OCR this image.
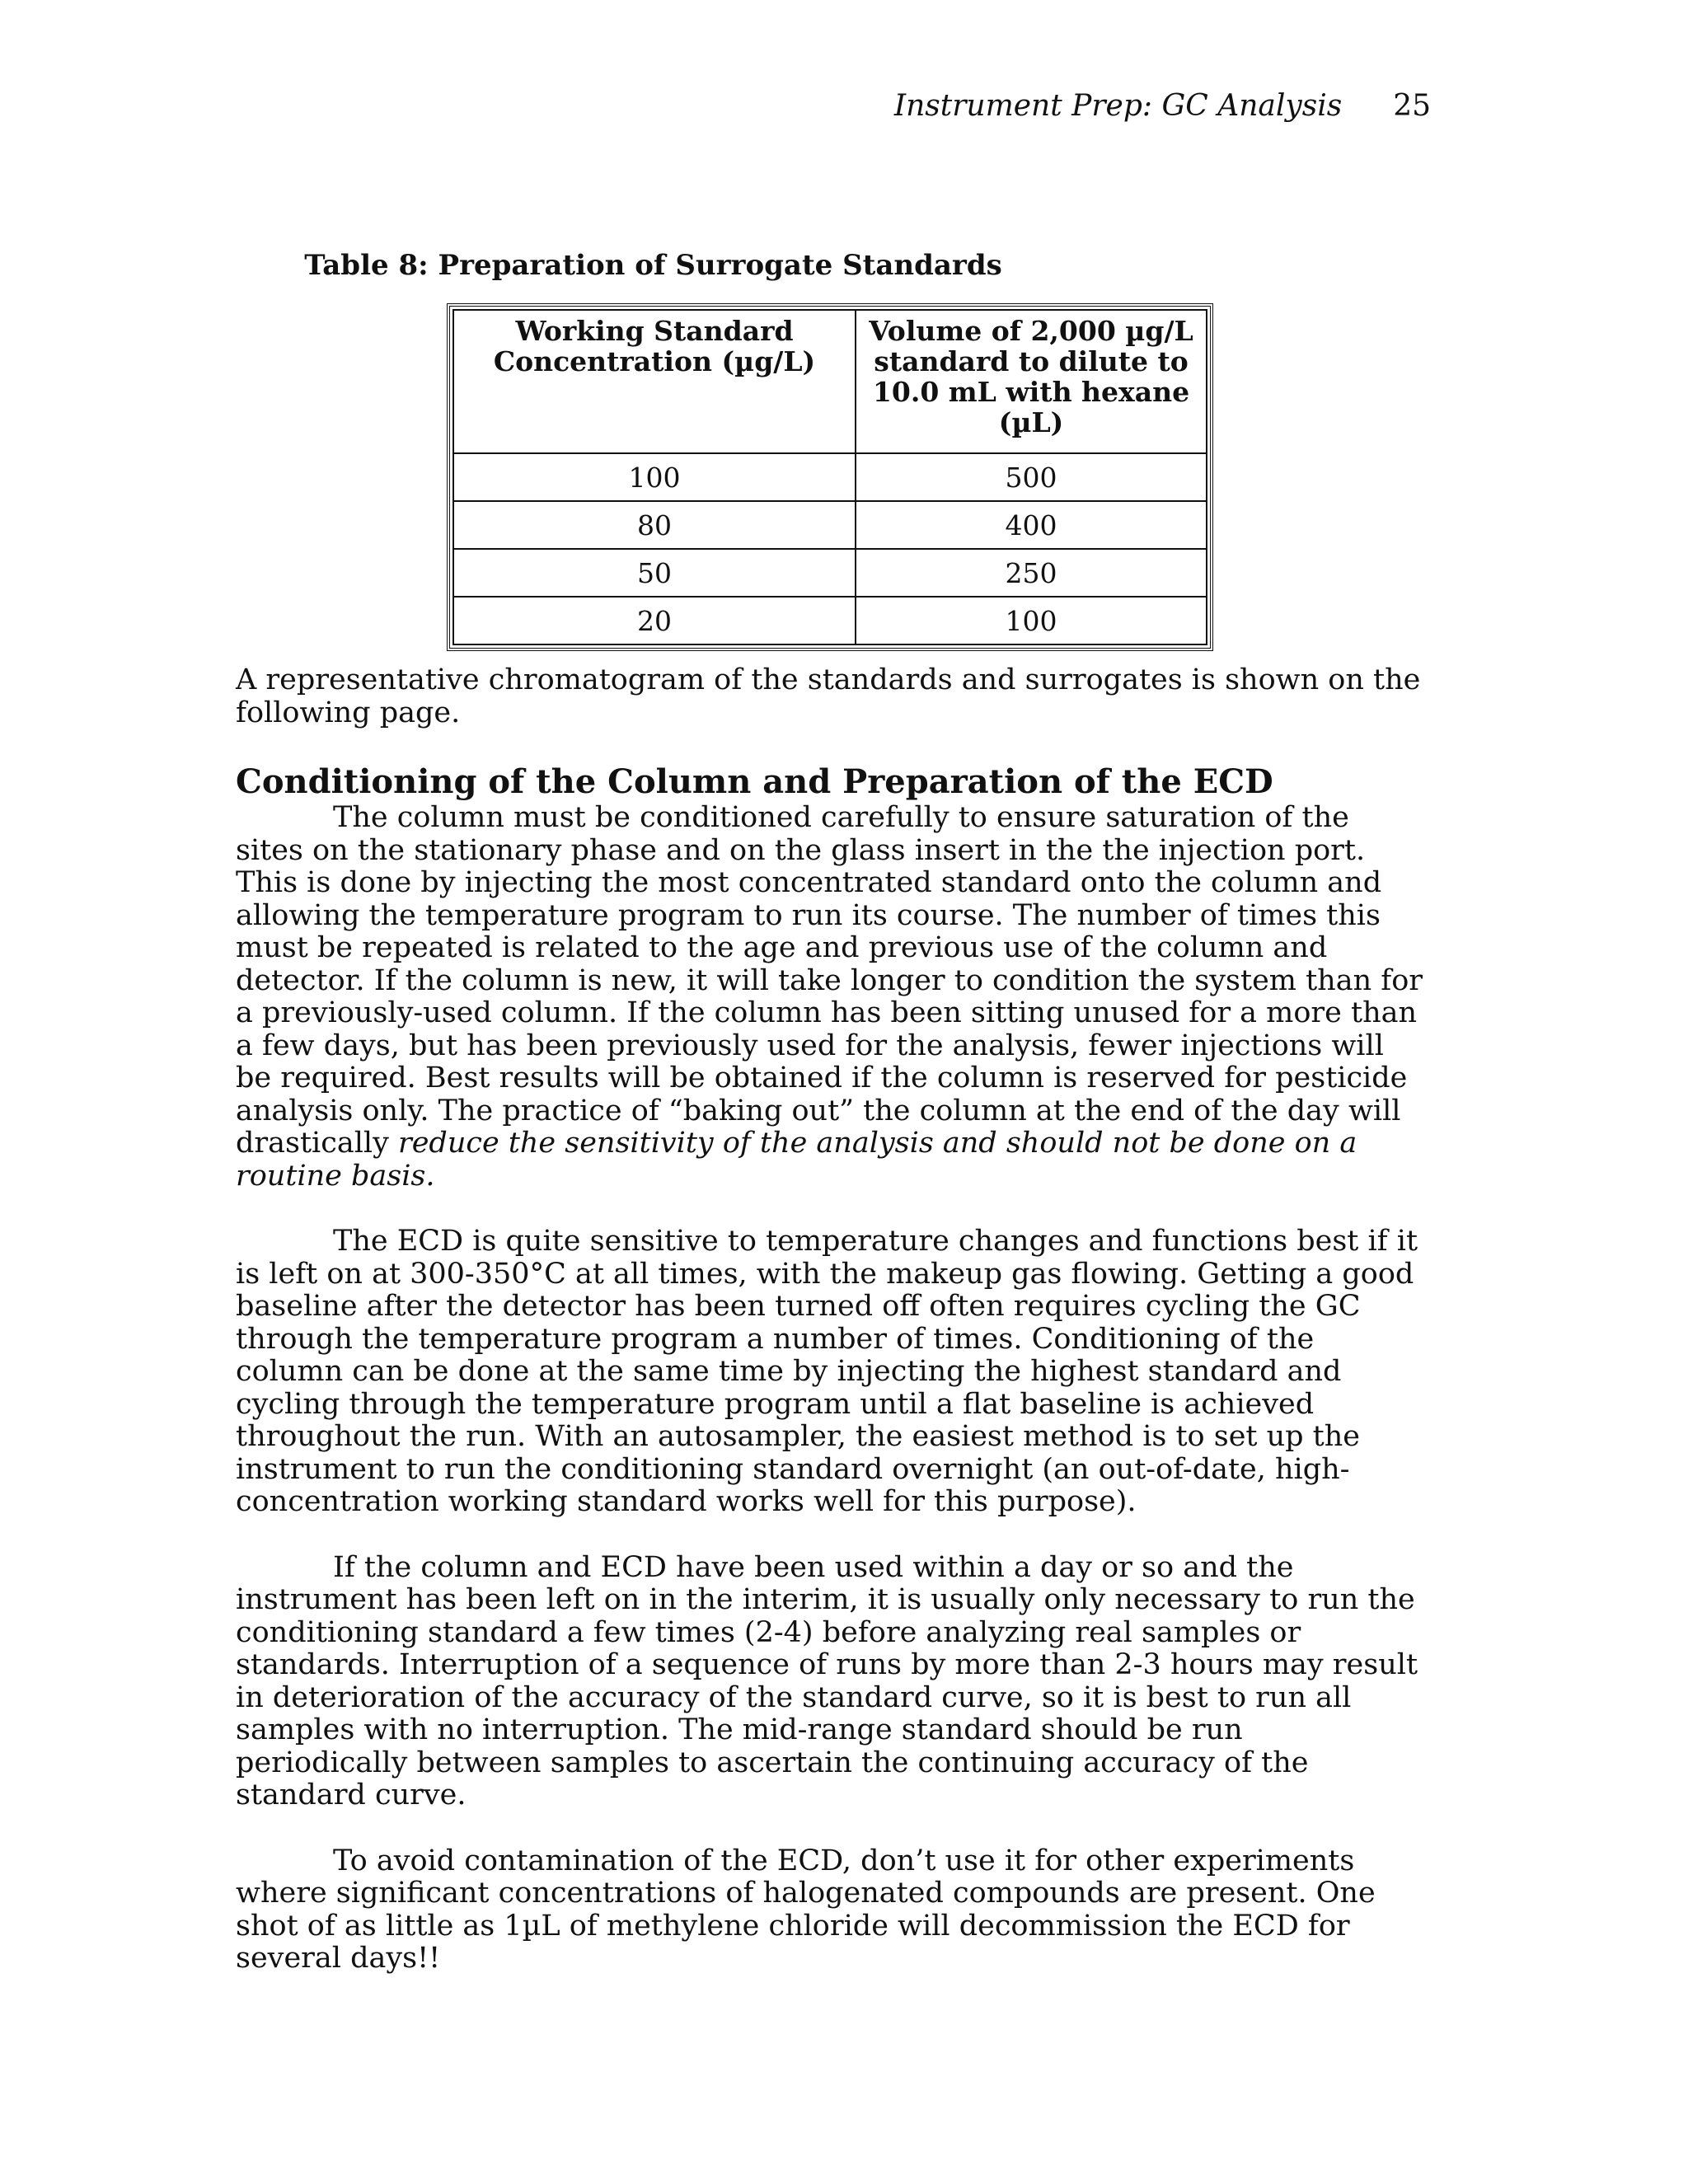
Instrument Prep: GC Analysis 25
Table 8: Preparation of Surrogate Standards
Working Standard Concentration (µg/L)	Volume of 2,000 µg/L standard to dilute to 10.0 mL with hexane (µL)
100	500
80	400
50	250
20	100

A representative chromatogram of the standards and surrogates is shown on the following page.

Conditioning of the Column and Preparation of the ECD

The column must be conditioned carefully to ensure saturation of the sites on the stationary phase and on the glass insert in the the injection port. This is done by injecting the most concentrated standard onto the column and allowing the temperature program to run its course. The number of times this must be repeated is related to the age and previous use of the column and detector. If the column is new, it will take longer to condition the system than for a previously-used column. If the column has been sitting unused for a more than a few days, but has been previously used for the analysis, fewer injections will be required. Best results will be obtained if the column is reserved for pesticide analysis only. The practice of “baking out” the column at the end of the day will drastically reduce the sensitivity of the analysis and should not be done on a routine basis.

The ECD is quite sensitive to temperature changes and functions best if it is left on at 300-350°C at all times, with the makeup gas flowing. Getting a good baseline after the detector has been turned off often requires cycling the GC through the temperature program a number of times. Conditioning of the column can be done at the same time by injecting the highest standard and cycling through the temperature program until a flat baseline is achieved throughout the run. With an autosampler, the easiest method is to set up the instrument to run the conditioning standard overnight (an out-of-date, high-concentration working standard works well for this purpose).

If the column and ECD have been used within a day or so and the instrument has been left on in the interim, it is usually only necessary to run the conditioning standard a few times (2-4) before analyzing real samples or standards. Interruption of a sequence of runs by more than 2-3 hours may result in deterioration of the accuracy of the standard curve, so it is best to run all samples with no interruption. The mid-range standard should be run periodically between samples to ascertain the continuing accuracy of the standard curve.

To avoid contamination of the ECD, don’t use it for other experiments where significant concentrations of halogenated compounds are present. One shot of as little as 1µL of methylene chloride will decommission the ECD for several days!!
